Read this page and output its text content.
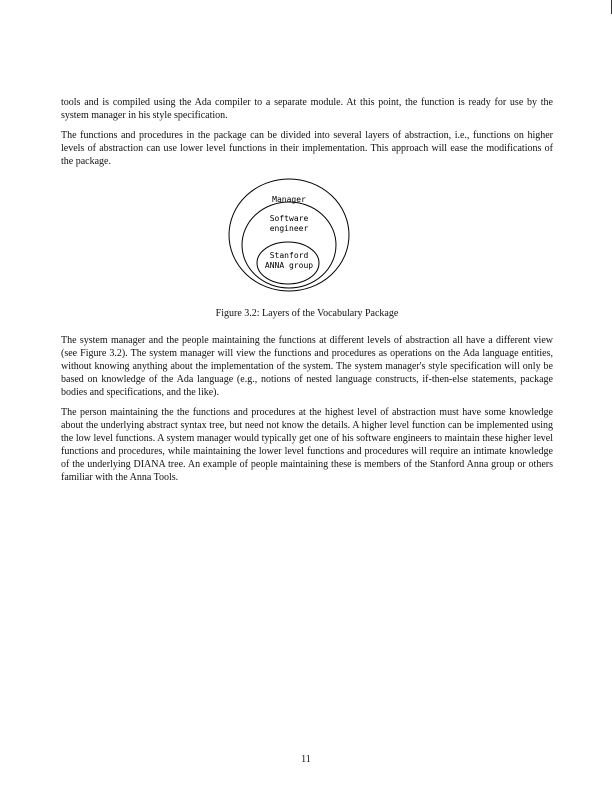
tools and is compiled using the Ada compiler to a separate module. At this point, the function is ready for use by the system manager in his style specification.

The functions and procedures in the package can be divided into several layers of abstraction, i.e., functions on higher levels of abstraction can use lower level functions in their implementation. This approach will ease the modifications of the package.

Manager
Software
engineer
Stanford
ANNA group
Figure 3.2: Layers of the Vocabulary Package

The system manager and the people maintaining the functions at different levels of abstraction all have a different view (see Figure 3.2). The system manager will view the functions and procedures as operations on the Ada language entities, without knowing anything about the implementation of the system. The system manager's style specification will only be based on knowledge of the Ada language (e.g., notions of nested language constructs, if-then-else statements, package bodies and specifications, and the like).

The person maintaining the the functions and procedures at the highest level of abstraction must have some knowledge about the underlying abstract syntax tree, but need not know the details. A higher level function can be implemented using the low level functions. A system manager would typically get one of his software engineers to maintain these higher level functions and procedures, while maintaining the lower level functions and procedures will require an intimate knowledge of the underlying DIANA tree. An example of people maintaining these is members of the Stanford Anna group or others familiar with the Anna Tools.

11
